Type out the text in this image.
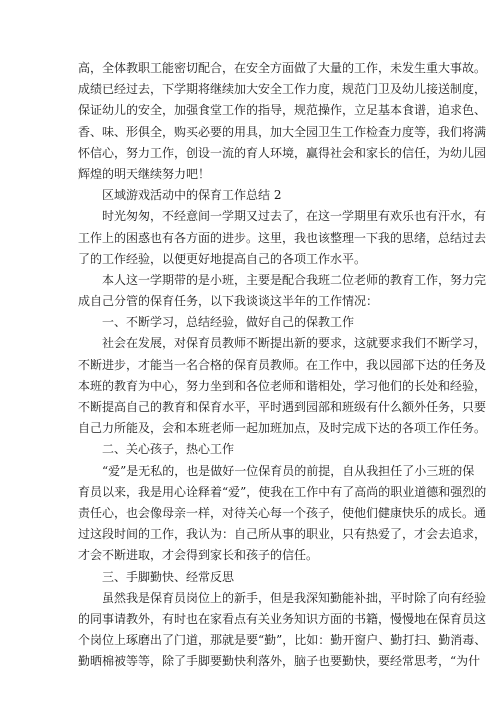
高，全体教职工能密切配合，在安全方面做了大量的工作，未发生重大事故。
成绩已经过去，下学期将继续加大安全工作力度，规范门卫及幼儿接送制度，
保证幼儿的安全，加强食堂工作的指导，规范操作，立足基本食谱，追求色、
香、味、形俱全，购买必要的用具，加大全园卫生工作检查力度等，我们将满
怀信心，努力工作，创设一流的育人环境，赢得社会和家长的信任，为幼儿园
辉煌的明天继续努力吧！
区域游戏活动中的保育工作总结 2
时光匆匆，不经意间一学期又过去了，在这一学期里有欢乐也有汗水，有
工作上的困惑也有各方面的进步。这里，我也该整理一下我的思绪，总结过去
了的工作经验，以便更好地提高自己的各项工作水平。
本人这一学期带的是小班，主要是配合我班二位老师的教育工作，努力完
成自己分管的保育任务，以下我谈谈这半年的工作情况：
一、不断学习，总结经验，做好自己的保教工作
社会在发展，对保育员教师不断提出新的要求，这就要求我们不断学习，
不断进步，才能当一名合格的保育员教师。在工作中，我以园部下达的任务及
本班的教育为中心，努力坐到和各位老师和谐相处，学习他们的长处和经验，
不断提高自己的教育和保育水平，平时遇到园部和班级有什么额外任务，只要
自己力所能及，会和本班老师一起加班加点，及时完成下达的各项工作任务。
二、关心孩子，热心工作
“爱”是无私的，也是做好一位保育员的前提，自从我担任了小三班的保
育员以来，我是用心诠释着“爱”，使我在工作中有了高尚的职业道德和强烈的
责任心，也会像母亲一样，对待关心每一个孩子，使他们健康快乐的成长。通
过这段时间的工作，我认为：自己所从事的职业，只有热爱了，才会去追求，
才会不断进取，才会得到家长和孩子的信任。
三、手脚勤快、经常反思
虽然我是保育员岗位上的新手，但是我深知勤能补拙，平时除了向有经验
的同事请教外，有时也在家看点有关业务知识方面的书籍，慢慢地在保育员这
个岗位上琢磨出了门道，那就是要“勤”，比如：勤开窗户、勤打扫、勤消毒、
勤晒棉被等等，除了手脚要勤快利落外，脑子也要勤快，要经常思考，“为什
